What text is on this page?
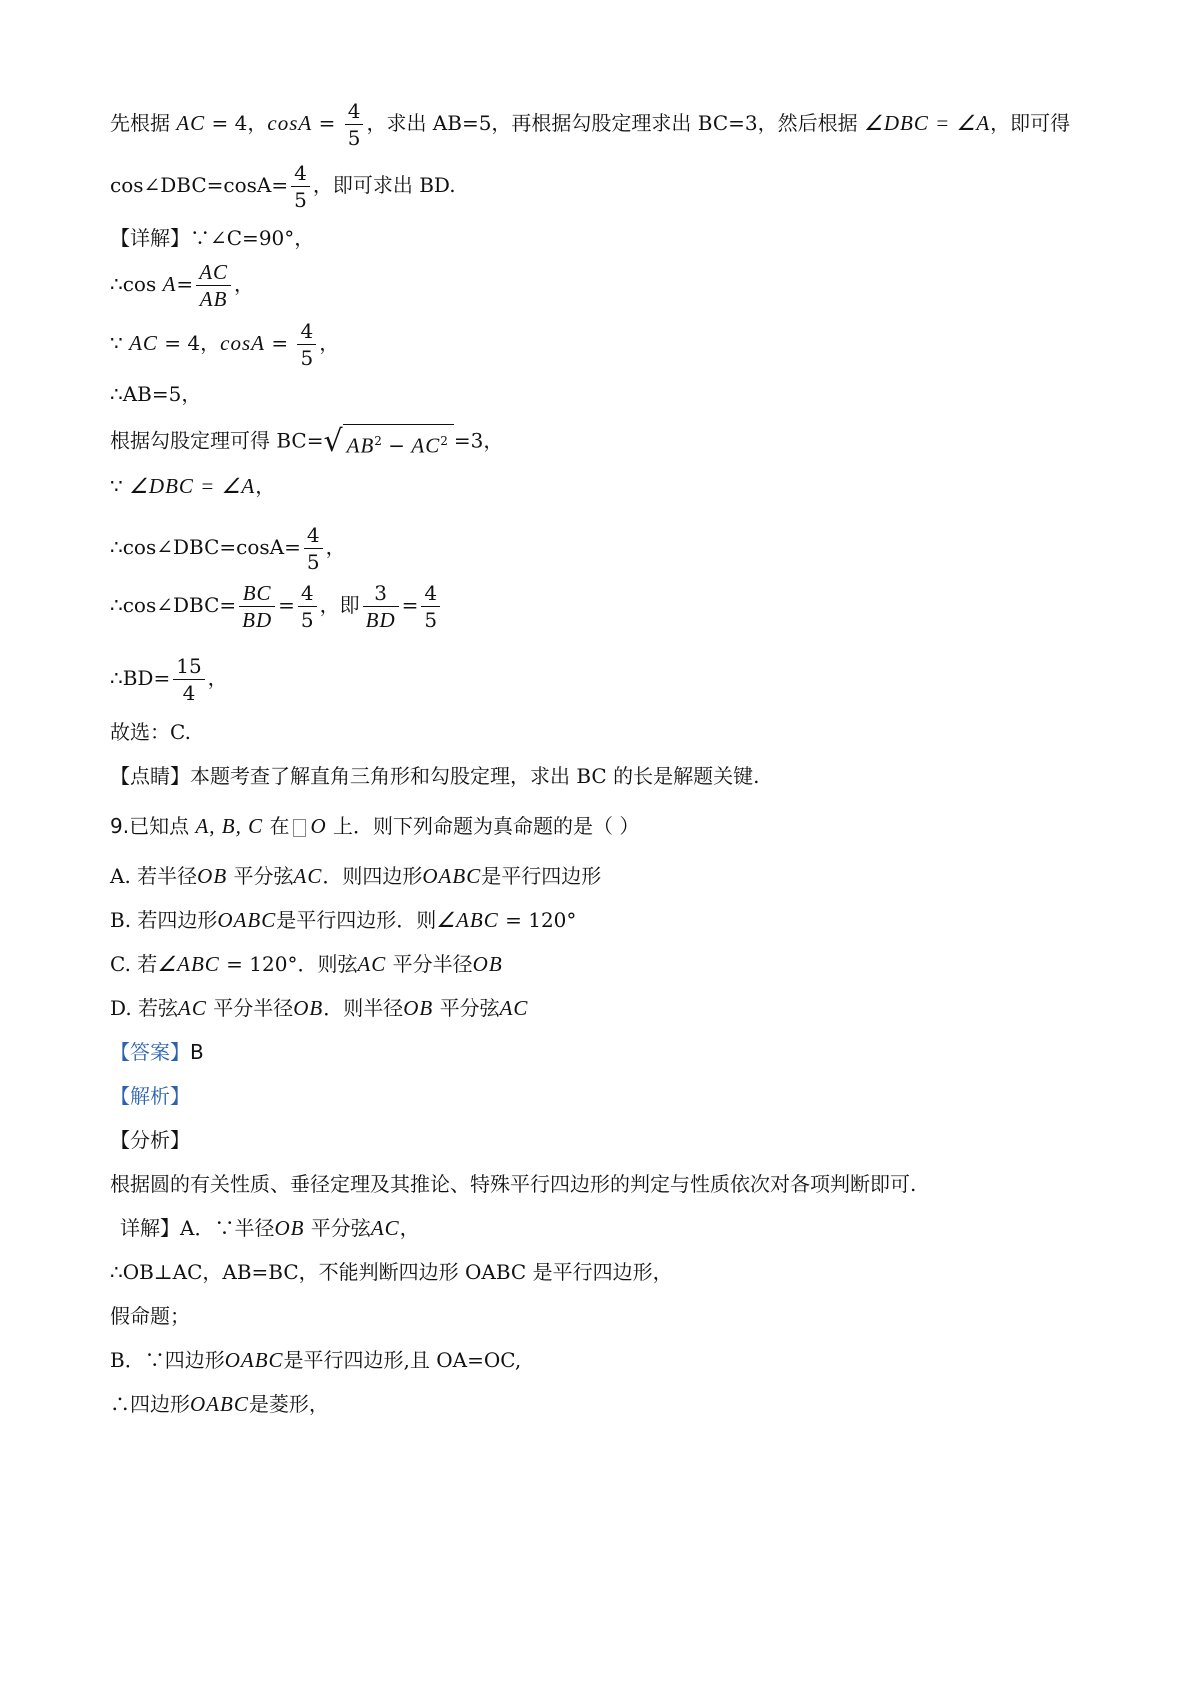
先根据 AC = 4，$\cos A = \frac{4}{5}$ ，求出 AB=5，再根据勾股定理求出 BC=3，然后根据 ∠DBC = ∠A，即可得
cos∠DBC=cosA= $\frac{4}{5}$ ，即可求出 BD.
【详解】∵∠C=90°，
∴cos $A= \frac{AC}{AB}$ ，
∵ AC = 4，$\cos A = \frac{4}{5}$ ，
∴AB=5，
根据勾股定理可得 BC=√ $AB^2 - AC^2 =3$，
∵ ∠DBC = ∠A，
∴cos∠DBC=cosA= $\frac{4}{5}$ ，
∴cos∠DBC= $\frac{BC}{BD} = \frac{4}{5}$ ，即 $\frac{3}{BD} = \frac{4}{5}$
∴BD= $\frac{15}{4}$ ，
故选：C.
【点睛】本题考查了解直角三角形和勾股定理，求出 BC 的长是解题关键.
9.已知点 A, B, C 在 O 上．则下列命题为真命题的是（ ）
A. 若半径OB 平分弦AC．则四边形OABC是平行四边形
B. 若四边形OABC是平行四边形．则∠ABC = 120°
C. 若∠ABC = 120°．则弦AC 平分半径OB
D. 若弦AC 平分半径OB．则半径OB 平分弦AC
【答案】B
【解析】
【分析】
根据圆的有关性质、垂径定理及其推论、特殊平行四边形的判定与性质依次对各项判断即可.
详解】A．∵半径OB 平分弦AC，
∴OB⊥AC，AB=BC，不能判断四边形 OABC 是平行四边形，
假命题；
B．∵四边形OABC是平行四边形,且 OA=OC,
∴四边形OABC是菱形，
